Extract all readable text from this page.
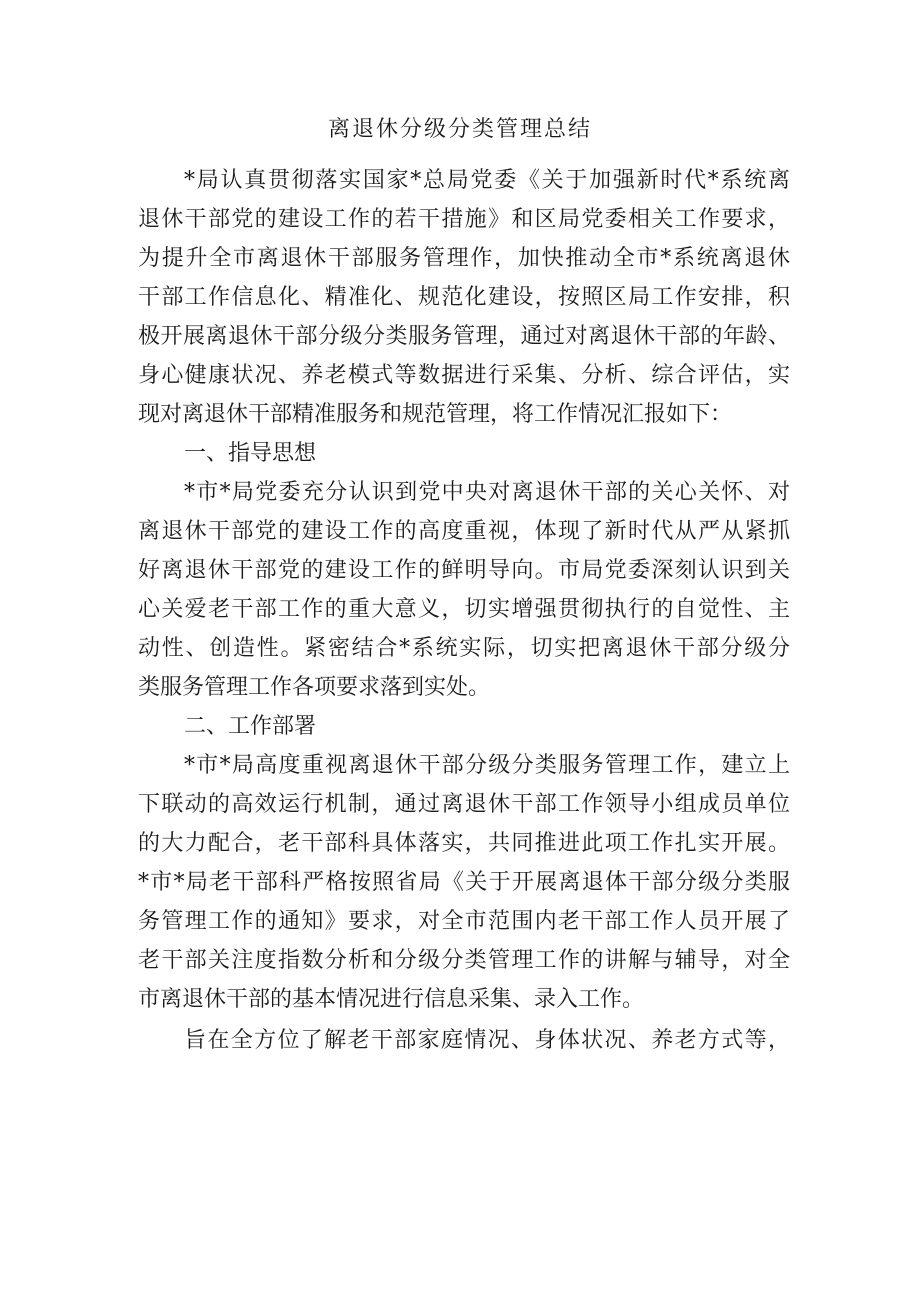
离退休分级分类管理总结
*局认真贯彻落实国家*总局党委《关于加强新时代*系统离
退休干部党的建设工作的若干措施》和区局党委相关工作要求，
为提升全市离退休干部服务管理作，加快推动全市*系统离退休
干部工作信息化、精准化、规范化建设，按照区局工作安排，积
极开展离退休干部分级分类服务管理，通过对离退休干部的年龄、
身心健康状况、养老模式等数据进行采集、分析、综合评估，实
现对离退休干部精准服务和规范管理，将工作情况汇报如下：
一、指导思想
*市*局党委充分认识到党中央对离退休干部的关心关怀、对
离退休干部党的建设工作的高度重视，体现了新时代从严从紧抓
好离退休干部党的建设工作的鲜明导向。市局党委深刻认识到关
心关爱老干部工作的重大意义，切实增强贯彻执行的自觉性、主
动性、创造性。紧密结合*系统实际，切实把离退休干部分级分
类服务管理工作各项要求落到实处。
二、工作部署
*市*局高度重视离退休干部分级分类服务管理工作，建立上
下联动的高效运行机制，通过离退休干部工作领导小组成员单位
的大力配合，老干部科具体落实，共同推进此项工作扎实开展。
*市*局老干部科严格按照省局《关于开展离退体干部分级分类服
务管理工作的通知》要求，对全市范围内老干部工作人员开展了
老干部关注度指数分析和分级分类管理工作的讲解与辅导，对全
市离退休干部的基本情况进行信息采集、录入工作。
旨在全方位了解老干部家庭情况、身体状况、养老方式等，
